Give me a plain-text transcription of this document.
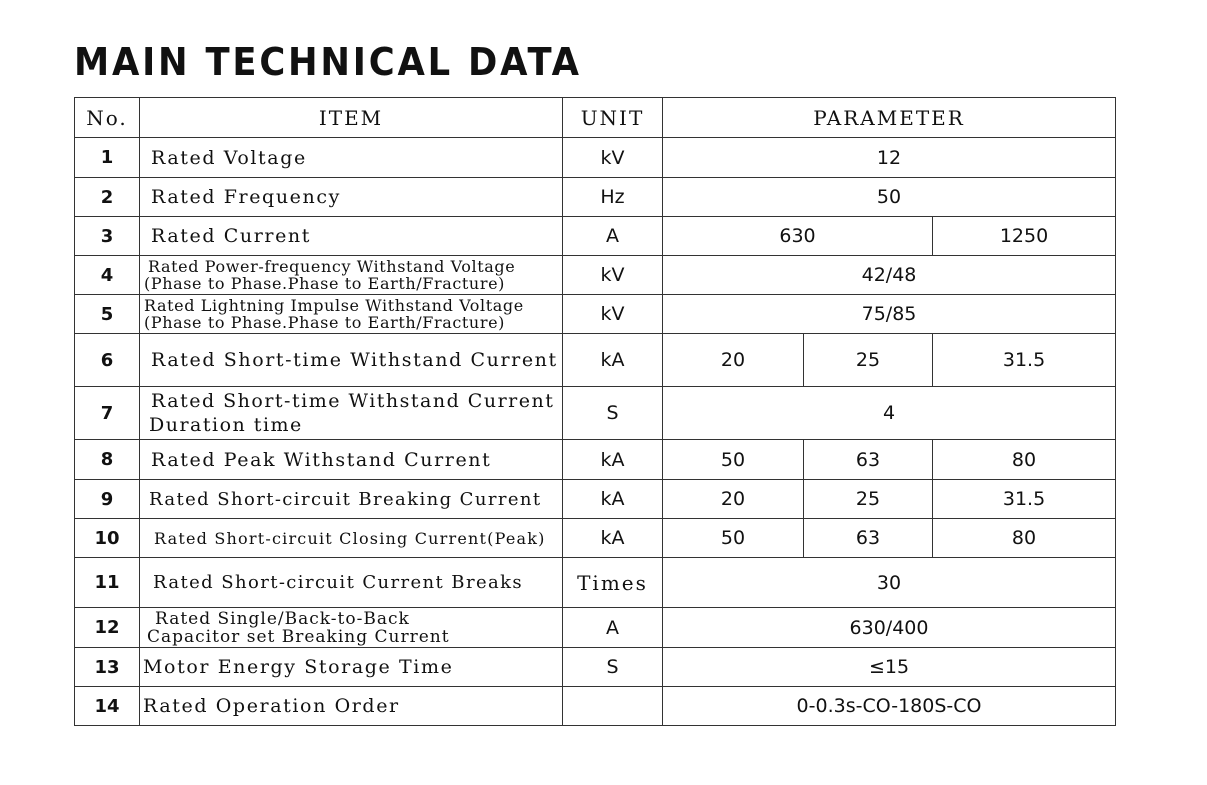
MAIN TECHNICAL DATA
No.	ITEM	UNIT	PARAMETER		
1	Rated Voltage	kV	12		
2	Rated Frequency	Hz	50		
3	Rated Current	A	630		1250
4	Rated Power-frequency Withstand Voltage
(Phase to Phase.Phase to Earth/Fracture)	kV	42/48		
5	Rated Lightning Impulse Withstand Voltage
(Phase to Phase.Phase to Earth/Fracture)	kV	75/85		
6	Rated Short-time Withstand Current	kA	20	25	31.5
7	Rated Short-time Withstand Current
Duration time	S	4		
8	Rated Peak Withstand Current	kA	50	63	80
9	Rated Short-circuit Breaking Current	kA	20	25	31.5
10	Rated Short-circuit Closing Current(Peak)	kA	50	63	80
11	Rated Short-circuit Current Breaks	Times	30		
12	Rated Single/Back-to-Back
Capacitor set Breaking Current	A	630/400		
13	Motor Energy Storage Time	S	≤15		
14	Rated Operation Order		0-0.3s-CO-180S-CO		
